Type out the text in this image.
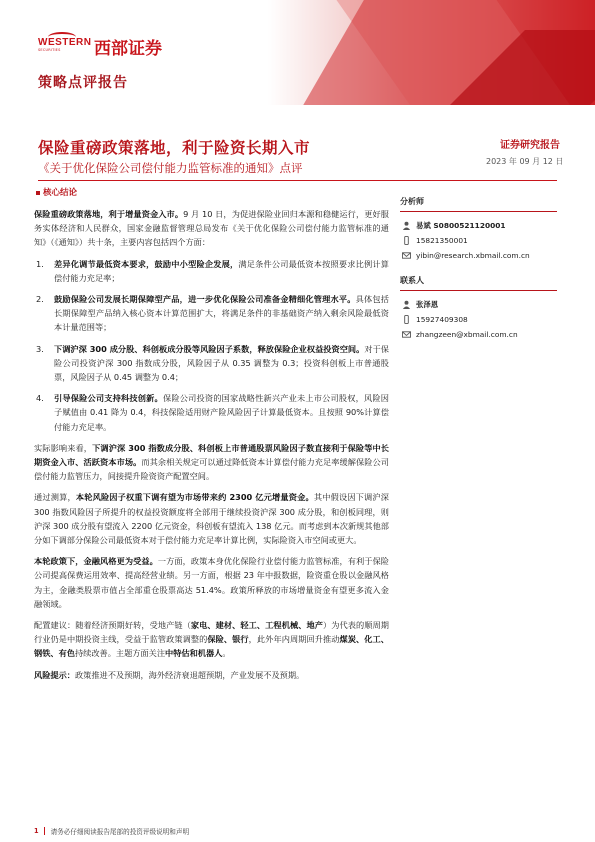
WESTERN
SECURITIES	西部证券
策略点评报告
保险重磅政策落地，利于险资长期入市
《关于优化保险公司偿付能力监管标准的通知》点评
证券研究报告
2023 年 09 月 12 日
核心结论

保险重磅政策落地，利于增量资金入市。9 月 10 日，为促进保险业回归本源和稳健运行，更好服务实体经济和人民群众，国家金融监督管理总局发布《关于优化保险公司偿付能力监管标准的通知》（《通知》）共十条，主要内容包括四个方面：

1.	差异化调节最低资本要求，鼓励中小型险企发展，满足条件公司最低资本按照要求比例计算偿付能力充足率；
2.	鼓励保险公司发展长期保障型产品，进一步优化保险公司准备金精细化管理水平。具体包括长期保障型产品纳入核心资本计算范围扩大，将满足条件的非基础资产纳入剩余风险最低资本计量范围等；
3.	下调沪深 300 成分股、科创板成分股等风险因子系数，释放保险企业权益投资空间。对于保险公司投资沪深 300 指数成分股，风险因子从 0.35 调整为 0.3；投资科创板上市普通股票，风险因子从 0.45 调整为 0.4；
4.	引导保险公司支持科技创新。保险公司投资的国家战略性新兴产业未上市公司股权，风险因子赋值由 0.41 降为 0.4，科技保险适用财产险风险因子计算最低资本。且按照 90%计算偿付能力充足率。

实际影响来看，下调沪深 300 指数成分股、科创板上市普通股票风险因子数直接利于保险等中长期资金入市、活跃资本市场。而其余相关规定可以通过降低资本计算偿付能力充足率缓解保险公司偿付能力监管压力，间接提升险资资产配置空间。

通过测算，本轮风险因子权重下调有望为市场带来约 2300 亿元增量资金。其中假设因下调沪深 300 指数风险因子所提升的权益投资额度将全部用于继续投资沪深 300 成分股，和创板同理，则沪深 300 成分股有望流入 2200 亿元资金，科创板有望流入 138 亿元。而考虑到本次新规其他部分如下调部分保险公司最低资本对于偿付能力充足率计算比例，实际险资入市空间或更大。

本轮政策下，金融风格更为受益。一方面，政策本身优化保险行业偿付能力监管标准，有利于保险公司提高保费运用效率、提高经营业绩。另一方面，根据 23 年中报数据，险资重仓股以金融风格为主，金融类股票市值占全部重仓股票高达 51.4%。政策所释放的市场增量资金有望更多流入金融领域。

配置建议：随着经济预期好转，受地产链（家电、建材、轻工、工程机械、地产）为代表的顺周期行业仍是中期投资主线，受益于监管政策调整的保险、银行，此外年内周期回升推动煤炭、化工、钢铁、有色持续改善。主题方面关注中特估和机器人。

风险提示：政策推进不及预期，海外经济衰退超预期，产业发展不及预期。

分析师
易斌 S0800521120001
15821350001
yibin@research.xbmail.com.cn
联系人
张泽恩
15927409308
zhangzeen@xbmail.com.cn
1 请务必仔细阅读报告尾部的投资评级说明和声明
